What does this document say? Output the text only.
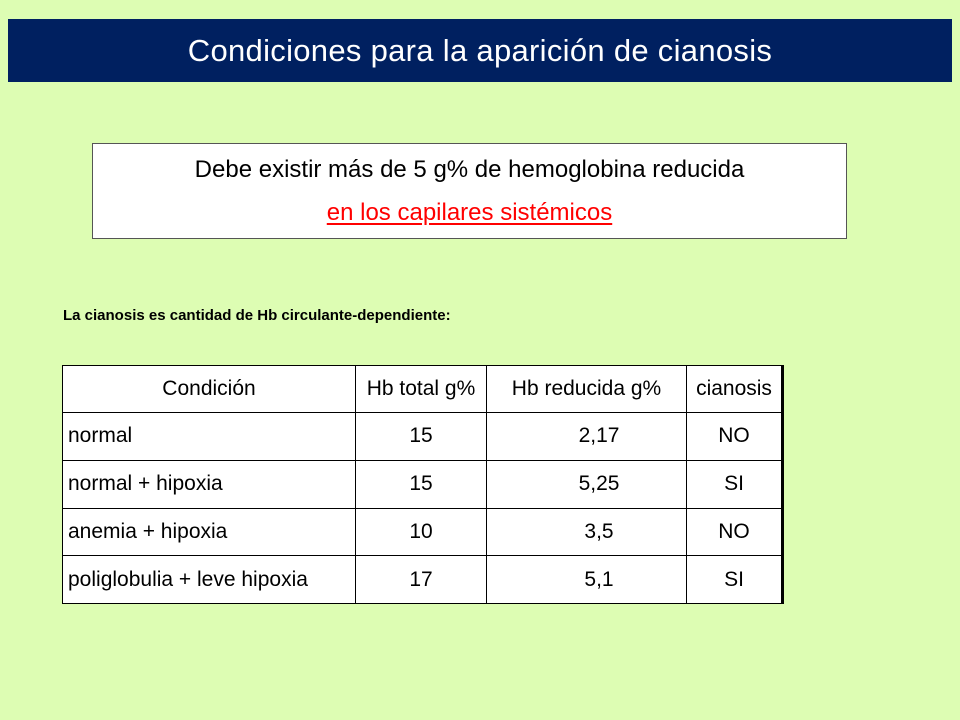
Condiciones para la aparición de cianosis
Debe existir más de 5 g% de hemoglobina reducida
en los capilares sistémicos
La cianosis es cantidad de Hb circulante-dependiente:
Condición	Hb total g%	Hb reducida g%	cianosis
normal	15	2,17	NO
normal + hipoxia	15	5,25	SI
anemia + hipoxia	10	3,5	NO
poliglobulia + leve hipoxia	17	5,1	SI
